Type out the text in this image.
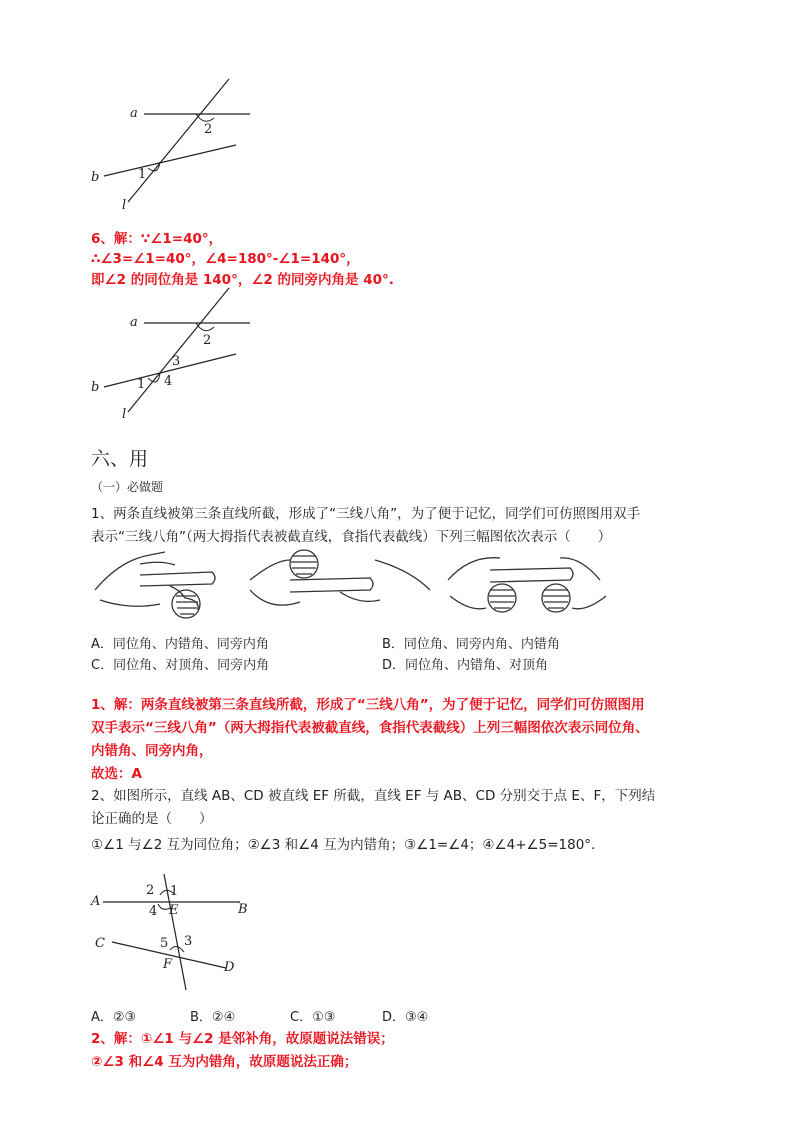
a
b
l
2
1
6、解：∵∠1=40°，
∴∠3=∠1=40°，∠4=180°-∠1=140°，
即∠2 的同位角是 140°，∠2 的同旁内角是 40°.
a
b
l
2
3
1 4
六、用
（一）必做题
1、两条直线被第三条直线所截，形成了“三线八角”，为了便于记忆，同学们可仿照图用双手
表示“三线八角”（两大拇指代表被截直线，食指代表截线）下列三幅图依次表示（　　）
A．同位角、内错角、同旁内角	B．同位角、同旁内角、内错角
C．同位角、对顶角、同旁内角	D．同位角、内错角、对顶角
1、解：两条直线被第三条直线所截，形成了“三线八角”，为了便于记忆，同学们可仿照图用
双手表示“三线八角”（两大拇指代表被截直线，食指代表截线）上列三幅图依次表示同位角、
内错角、同旁内角，
故选：A
2、如图所示，直线 AB、CD 被直线 EF 所截，直线 EF 与 AB、CD 分别交于点 E、F，下列结
论正确的是（　　）
①∠1 与∠2 互为同位角；②∠3 和∠4 互为内错角；③∠1=∠4；④∠4+∠5=180°.
A
B
C
D
E
F
2 1
4
5 3
A．②③	B．②④	C．①③	D．③④
2、解：①∠1 与∠2 是邻补角，故原题说法错误；
②∠3 和∠4 互为内错角，故原题说法正确；
